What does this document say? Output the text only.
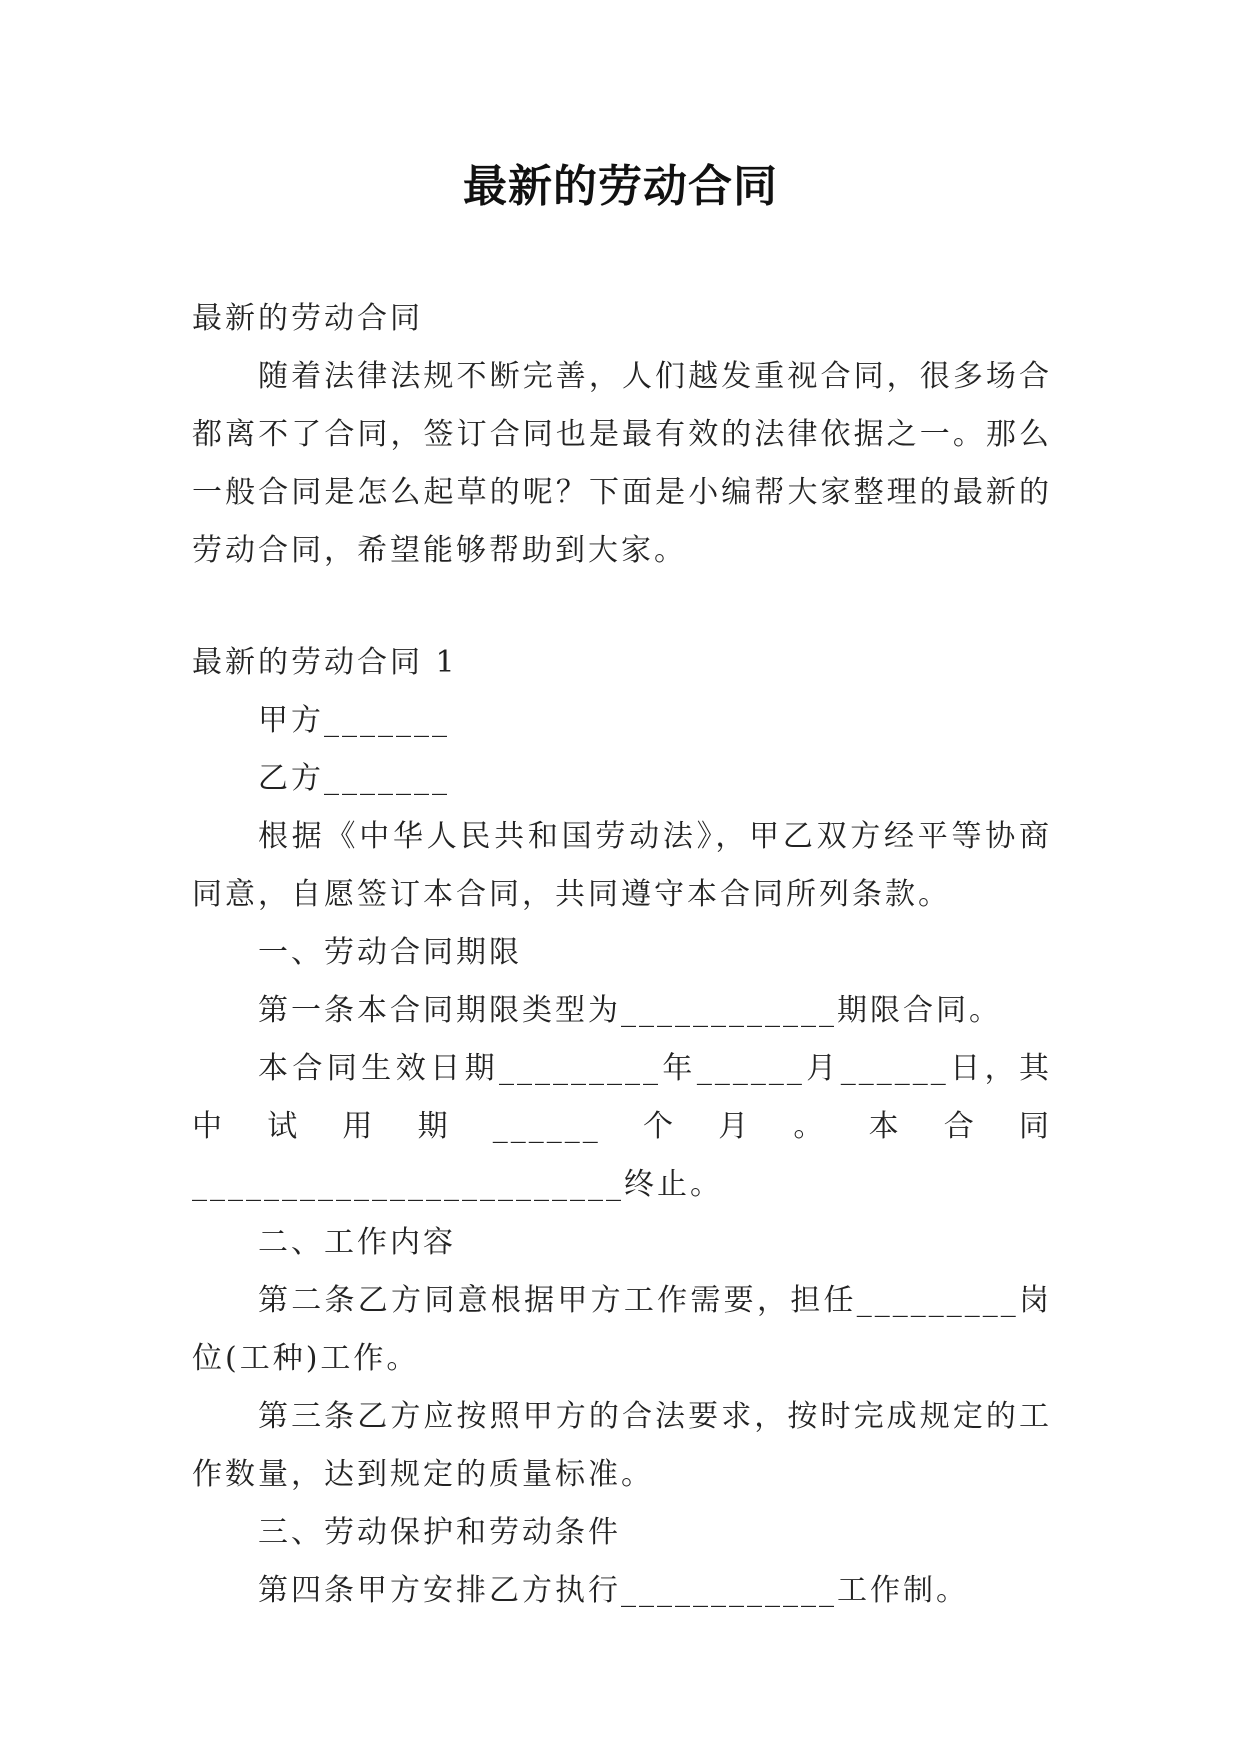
最新的劳动合同

最新的劳动合同

随着法律法规不断完善，人们越发重视合同，很多场合都离不了合同，签订合同也是最有效的法律依据之一。那么一般合同是怎么起草的呢？下面是小编帮大家整理的最新的劳动合同，希望能够帮助到大家。

最新的劳动合同 1

甲方_______

乙方_______

根据《中华人民共和国劳动法》，甲乙双方经平等协商同意，自愿签订本合同，共同遵守本合同所列条款。

一、劳动合同期限

第一条本合同期限类型为____________期限合同。

本合同生效日期_________年______月______日，其中试用期______个月。本合同________________________终止。

二、工作内容

第二条乙方同意根据甲方工作需要，担任_________岗位(工种)工作。

第三条乙方应按照甲方的合法要求，按时完成规定的工作数量，达到规定的质量标准。

三、劳动保护和劳动条件

第四条甲方安排乙方执行____________工作制。
